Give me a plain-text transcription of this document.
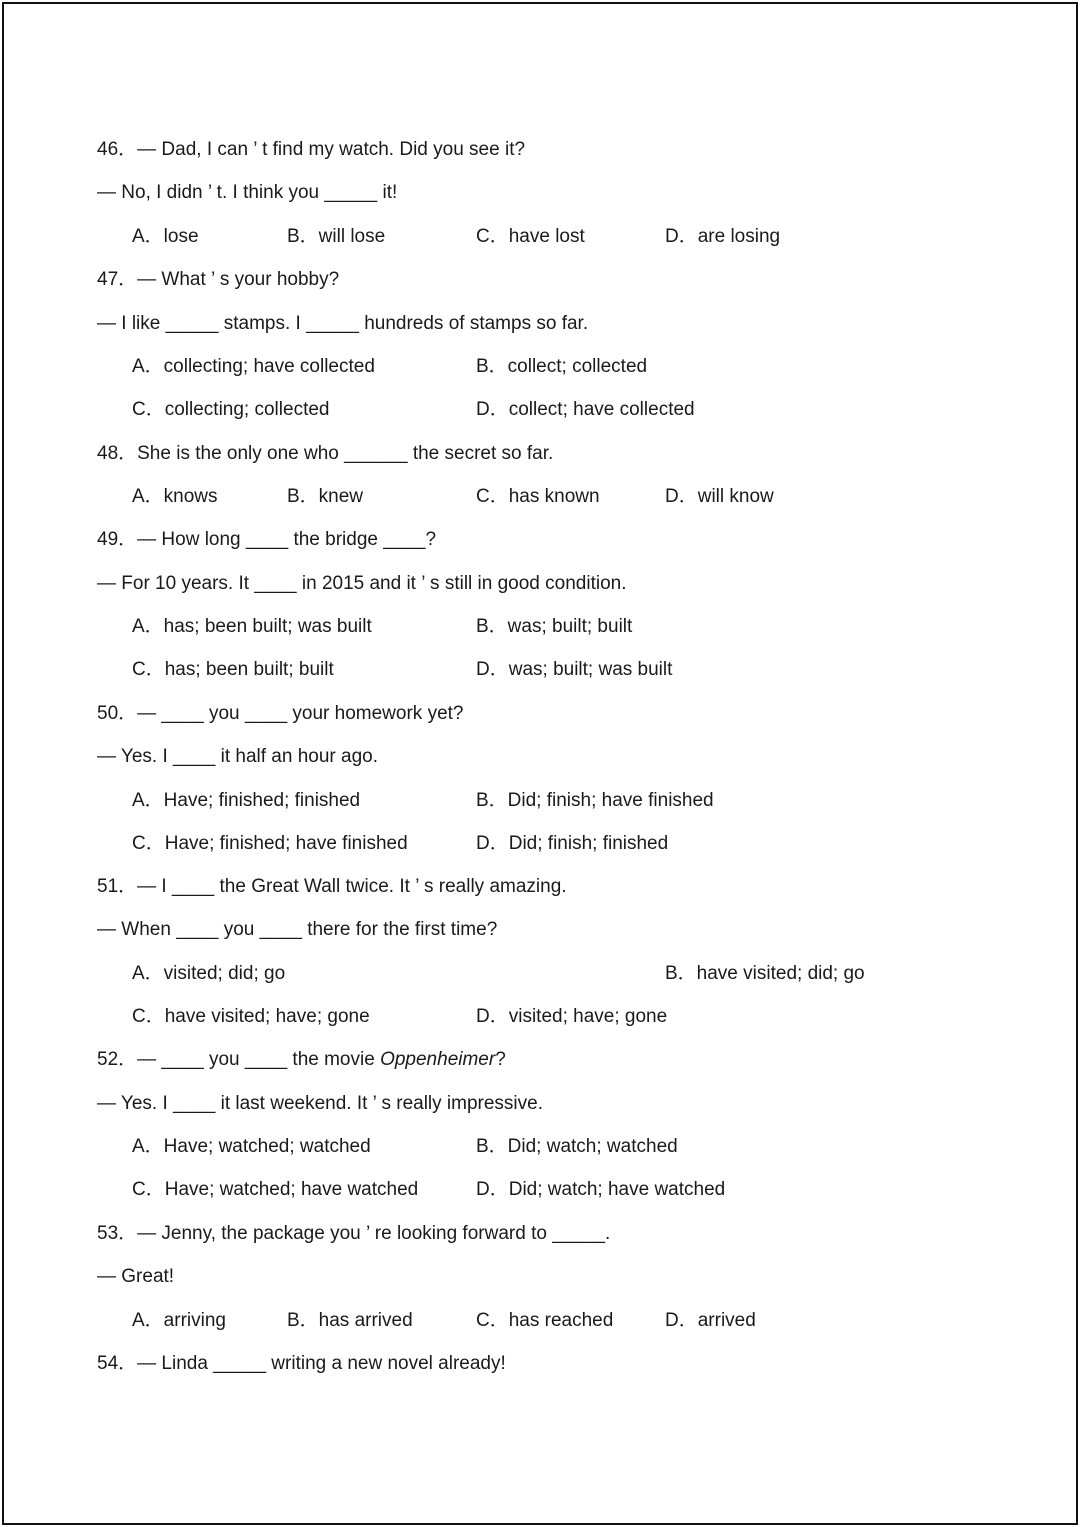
46．— Dad, I can ’ t find my watch. Did you see it?
— No, I didn ’ t. I think you _____ it!
A．lose	B．will lose	C．have lost	D．are losing
47．— What ’ s your hobby?
— I like _____ stamps. I _____ hundreds of stamps so far.
A．collecting; have collected	B．collect; collected
C．collecting; collected	D．collect; have collected
48．She is the only one who ______ the secret so far.
A．knows	B．knew	C．has known	D．will know
49．— How long ____ the bridge ____?
— For 10 years. It ____ in 2015 and it ’ s still in good condition.
A．has; been built; was built	B．was; built; built
C．has; been built; built	D．was; built; was built
50．— ____ you ____ your homework yet?
— Yes. I ____ it half an hour ago.
A．Have; finished; finished	B．Did; finish; have finished
C．Have; finished; have finished	D．Did; finish; finished
51．— I ____ the Great Wall twice. It ’ s really amazing.
— When ____ you ____ there for the first time?
A．visited; did; go	B．have visited; did; go
C．have visited; have; gone	D．visited; have; gone
52．— ____ you ____ the movie Oppenheimer?
— Yes. I ____ it last weekend. It ’ s really impressive.
A．Have; watched; watched	B．Did; watch; watched
C．Have; watched; have watched	D．Did; watch; have watched
53．— Jenny, the package you ’ re looking forward to _____.
— Great!
A．arriving	B．has arrived	C．has reached	D．arrived
54．— Linda _____ writing a new novel already!
